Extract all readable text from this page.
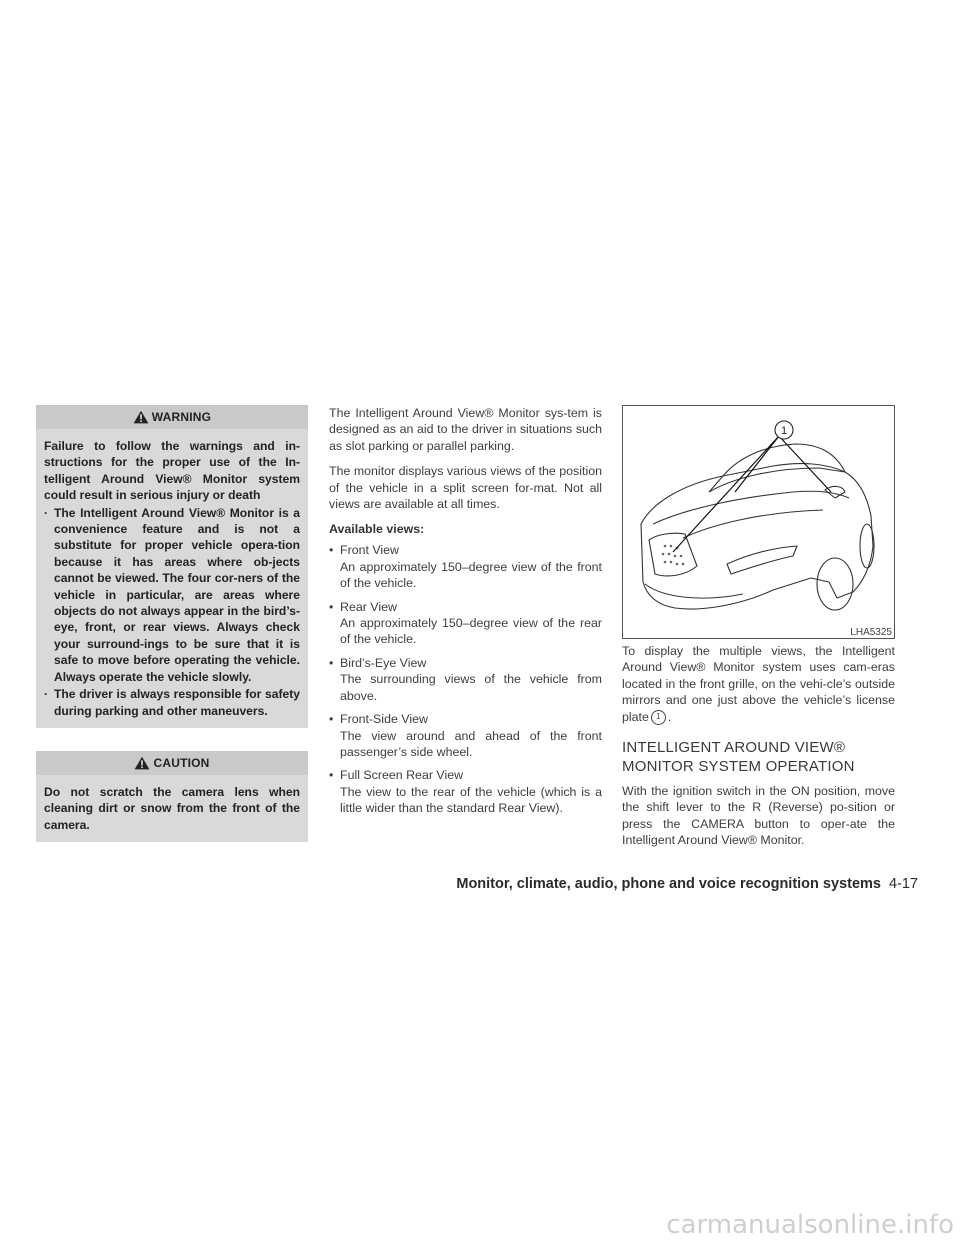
WARNING

Failure to follow the warnings and in-structions for the proper use of the In-telligent Around View® Monitor system could result in serious injury or death

· The Intelligent Around View® Monitor is a convenience feature and is not a substitute for proper vehicle opera-tion because it has areas where ob-jects cannot be viewed. The four cor-ners of the vehicle in particular, are areas where objects do not always appear in the bird’s-eye, front, or rear views. Always check your surround-ings to be sure that it is safe to move before operating the vehicle. Always operate the vehicle slowly.
· The driver is always responsible for safety during parking and other maneuvers.
CAUTION

Do not scratch the camera lens when cleaning dirt or snow from the front of the camera.

The Intelligent Around View® Monitor sys-tem is designed as an aid to the driver in situations such as slot parking or parallel parking.

The monitor displays various views of the position of the vehicle in a split screen for-mat. Not all views are available at all times.

Available views:

• Front View
An approximately 150–degree view of the front of the vehicle.
• Rear View
An approximately 150–degree view of the rear of the vehicle.
• Bird’s-Eye View
The surrounding views of the vehicle from above.
• Front-Side View
The view around and ahead of the front passenger’s side wheel.
• Full Screen Rear View
The view to the rear of the vehicle (which is a little wider than the standard Rear View).
1
LHA5325

To display the multiple views, the Intelligent Around View® Monitor system uses cam-eras located in the front grille, on the vehi-cle’s outside mirrors and one just above the vehicle’s license plate 1 .

INTELLIGENT AROUND VIEW®
MONITOR SYSTEM OPERATION

With the ignition switch in the ON position, move the shift lever to the R (Reverse) po-sition or press the CAMERA button to oper-ate the Intelligent Around View® Monitor.

Monitor, climate, audio, phone and voice recognition systems 4-17
carmanualsonline.info
